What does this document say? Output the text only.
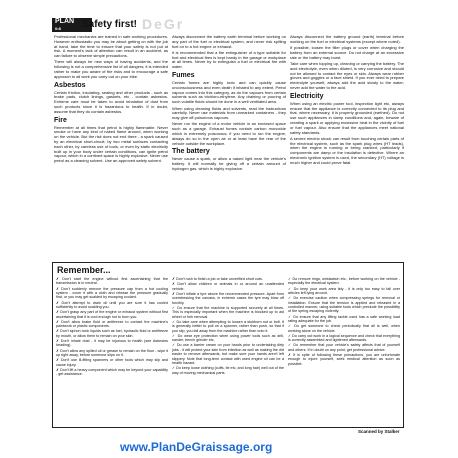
PLAN
0•8	DeGr
Safety first!

Professional mechanics are trained in safe working procedures. However enthusiastic you may be about getting on with the job at hand, take the time to ensure that your safety is not put at risk. A moment's lack of attention can result in an accident, as can failure to observe simple precautions.

There will always be new ways of having accidents, and the following is not a comprehensive list of all dangers; it is intended rather to make you aware of the risks and to encourage a safe approach to all work you carry out on your bike.

Asbestos

Certain friction, insulating, sealing and other products - such as brake pads, clutch linings, gaskets, etc - contain asbestos. Extreme care must be taken to avoid inhalation of dust from such products since it is hazardous to health. If in doubt, assume that they do contain asbestos.

Fire

Remember at all times that petrol is highly flammable. Never smoke or have any kind of naked flame around, when working on the vehicle. But the risk does not end there - a spark caused by an electrical short-circuit, by two metal surfaces contacting each other, by careless use of tools, or even by static electricity built up in your body under certain conditions, can ignite petrol vapour, which in a confined space is highly explosive. Never use petrol as a cleaning solvent. Use an approved safety solvent.

Always disconnect the battery earth terminal before working on any part of the fuel or electrical system, and never risk spilling fuel on to a hot engine or exhaust.

It is recommended that a fire extinguisher of a type suitable for fuel and electrical fires is kept handy in the garage or workplace at all times. Never try to extinguish a fuel or electrical fire with water.

Fumes

Certain fumes are highly toxic and can quickly cause unconsciousness and even death if inhaled to any extent. Petrol vapour comes into this category, as do the vapours from certain solvents such as trichloro-ethylene. Any draining or pouring of such volatile fluids should be done in a well ventilated area.

When using cleaning fluids and solvents, read the instructions carefully. Never use materials from unmarked containers - they may give off poisonous vapours.

Never run the engine of a motor vehicle in an enclosed space such as a garage. Exhaust fumes contain carbon monoxide which is extremely poisonous; if you need to run the engine, always do so in the open air or at least have the rear of the vehicle outside the workplace.

The battery

Never cause a spark, or allow a naked light near the vehicle's battery. It will normally be giving off a certain amount of hydrogen gas, which is highly explosive.

Always disconnect the battery ground (earth) terminal before working on the fuel or electrical systems (except where noted).

If possible, loosen the filler plugs or cover when charging the battery from an external source. Do not charge at an excessive rate or the battery may burst.

Take care when topping up, cleaning or carrying the battery. The acid electrolyte, even when diluted, is very corrosive and should not be allowed to contact the eyes or skin. Always wear rubber gloves and goggles or a face shield. If you ever need to prepare electrolyte yourself, always add the acid slowly to the water; never add the water to the acid.

Electricity

When using an electric power tool, inspection light etc, always ensure that the appliance is correctly connected to its plug and that, where necessary, it is properly grounded (earthed). Do not use such appliances in damp conditions and, again, beware of creating a spark or applying excessive heat in the vicinity of fuel or fuel vapour. Also ensure that the appliances meet national safety standards.

A severe electric shock can result from touching certain parts of the electrical system, such as the spark plug wires (HT leads), when the engine is running or being cranked, particularly if components are damp or the insulation is defective. Where an electronic ignition system is used, the secondary (HT) voltage is much higher and could prove fatal.

Remember...

✗ Don't start the engine without first ascertaining that the transmission is in neutral.

✗ Don't suddenly remove the pressure cap from a hot cooling system - cover it with a cloth and release the pressure gradually first, or you may get scalded by escaping coolant.

✗ Don't attempt to drain oil until you are sure it has cooled sufficiently to avoid scalding you.

✗ Don't grasp any part of the engine or exhaust system without first ascertaining that it is cool enough not to burn you.

✗ Don't allow brake fluid or antifreeze to contact the machine's paintwork or plastic components.

✗ Don't siphon toxic liquids such as fuel, hydraulic fluid or antifreeze by mouth, or allow them to remain on your skin.

✗ Don't inhale dust - it may be injurious to health (see Asbestos heading).

✗ Don't allow any spilled oil or grease to remain on the floor - wipe it up right away, before someone slips on it.

✗ Don't use ill-fitting spanners or other tools which may slip and cause injury.

✗ Don't lift a heavy component which may be beyond your capability - get assistance.

✗ Don't rush to finish a job or take unverified short cuts.

✗ Don't allow children or animals in or around an unattended vehicle.

✗ Don't inflate a tyre above the recommended pressure. Apart from overstressing the carcass, in extreme cases the tyre may blow off forcibly.

✓ Do ensure that the machine is supported securely at all times. This is especially important when the machine is blocked up to aid wheel or fork removal.

✓ Do take care when attempting to loosen a stubborn nut or bolt. It is generally better to pull on a spanner, rather than push, so that if you slip, you fall away from the machine rather than onto it.

✓ Do wear eye protection when using power tools such as drill, sander, bench grinder etc.

✓ Do use a barrier cream on your hands prior to undertaking dirty jobs - it will protect your skin from infection as well as making the dirt easier to remove afterwards; but make sure your hands aren't left slippery. Note that long-term contact with used engine oil can be a health hazard.

✓ Do keep loose clothing (cuffs, tie etc, and long hair) well out of the way of moving mechanical parts.

✓ Do remove rings, wristwatch etc., before working on the vehicle - especially the electrical system.

✓ Do keep your work area tidy - it is only too easy to fall over articles left lying around.

✓ Do exercise caution when compressing springs for removal or installation. Ensure that the tension is applied and released in a controlled manner, using suitable tools which preclude the possibility of the spring escaping violently.

✓ Do ensure that any lifting tackle used has a safe working load rating adequate for the job.

✓ Do get someone to check periodically that all is well, when working alone on the vehicle.

✓ Do carry out work in a logical sequence and check that everything is correctly assembled and tightened afterwards.

✓ Do remember that your vehicle's safety affects that of yourself and others. If in doubt on any point, get professional advice.

✗ If in spite of following these precautions, you are unfortunate enough to injure yourself, seek medical attention as soon as possible.

Scanned by Stalker
www.PlanDeGraissage.org
